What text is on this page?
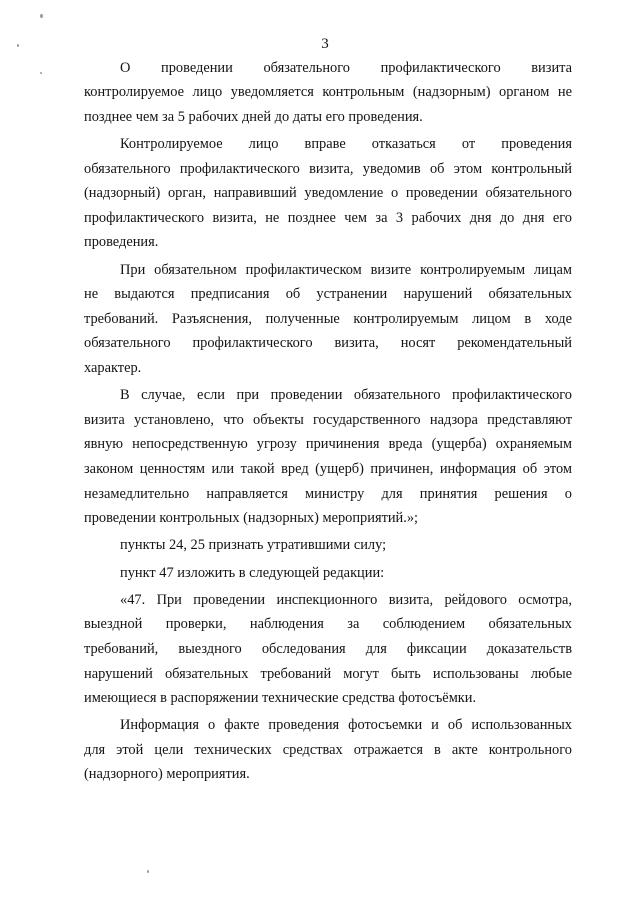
3
О проведении обязательного профилактического визита
контролируемое лицо уведомляется контрольным (надзорным) органом не
позднее чем за 5 рабочих дней до даты его проведения.
Контролируемое лицо вправе отказаться от проведения
обязательного профилактического визита, уведомив об этом контрольный
(надзорный) орган, направивший уведомление о проведении обязательного
профилактического визита, не позднее чем за 3 рабочих дня до дня его
проведения.
При обязательном профилактическом визите контролируемым лицам
не выдаются предписания об устранении нарушений обязательных
требований. Разъяснения, полученные контролируемым лицом в ходе
обязательного профилактического визита, носят рекомендательный
характер.
В случае, если при проведении обязательного профилактического
визита установлено, что объекты государственного надзора представляют
явную непосредственную угрозу причинения вреда (ущерба) охраняемым
законом ценностям или такой вред (ущерб) причинен, информация об этом
незамедлительно направляется министру для принятия решения о
проведении контрольных (надзорных) мероприятий.»;
пункты 24, 25 признать утратившими силу;
пункт 47 изложить в следующей редакции:
«47. При проведении инспекционного визита, рейдового осмотра,
выездной проверки, наблюдения за соблюдением обязательных
требований, выездного обследования для фиксации доказательств
нарушений обязательных требований могут быть использованы любые
имеющиеся в распоряжении технические средства фотосъёмки.
Информация о факте проведения фотосъемки и об использованных
для этой цели технических средствах отражается в акте контрольного
(надзорного) мероприятия.
